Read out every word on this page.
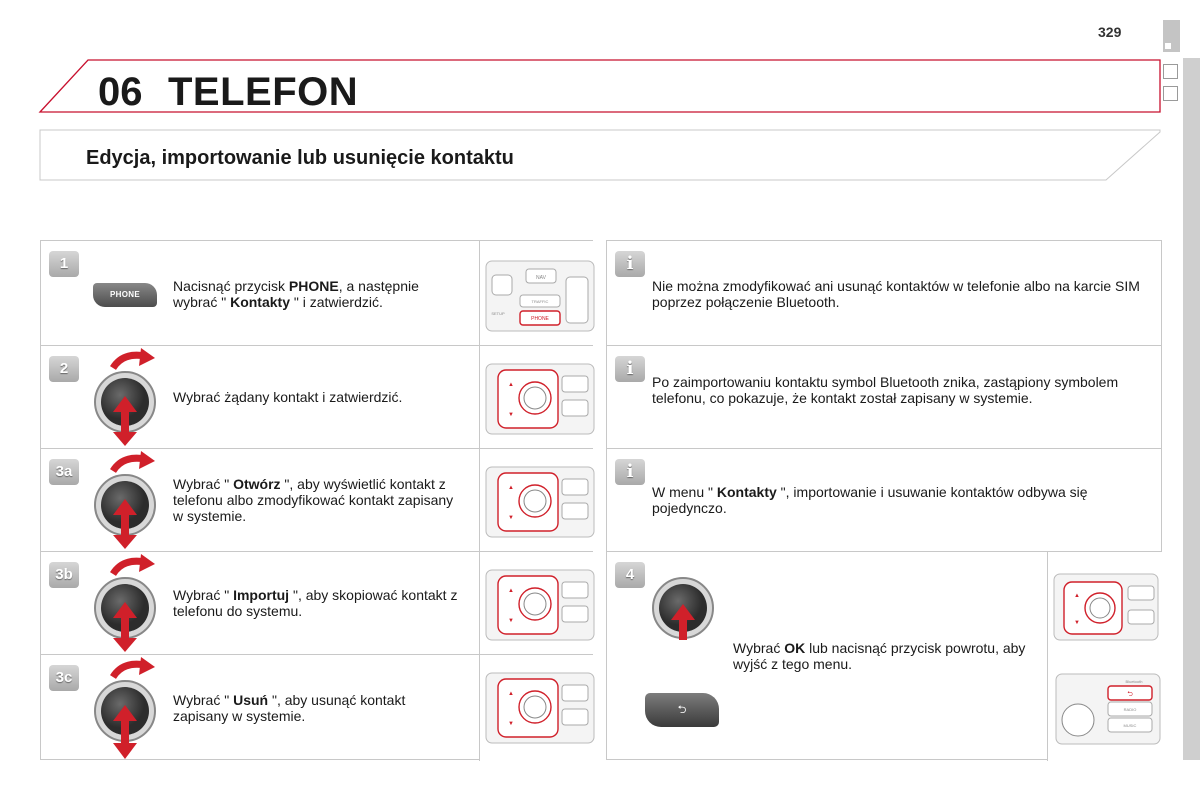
329
06 TELEFON
Edycja, importowanie lub usunięcie kontaktu
1
PHONE
Nacisnąć przycisk PHONE, a następnie wybrać " Kontakty " i zatwierdzić.
NAV
TRAFFIC
PHONE
SETUP
2
Wybrać żądany kontakt i zatwierdzić.
▲
▼
3a
Wybrać " Otwórz ", aby wyświetlić kontakt z telefonu albo zmodyfikować kontakt zapisany w systemie.
▲
▼
3b
Wybrać " Importuj ", aby skopiować kontakt z telefonu do systemu.
▲
▼
3c
Wybrać " Usuń ", aby usunąć kontakt zapisany w systemie.
▲
▼
i
Nie można zmodyfikować ani usunąć kontaktów w telefonie albo na karcie SIM poprzez połączenie Bluetooth.
i
Po zaimportowaniu kontaktu symbol Bluetooth znika, zastąpiony symbolem telefonu, co pokazuje, że kontakt został zapisany w systemie.
i
W menu " Kontakty ", importowanie i usuwanie kontaktów odbywa się pojedynczo.
4
⮌
Wybrać OK lub nacisnąć przycisk powrotu, aby wyjść z tego menu.
▲
▼
Bluetooth
⮌
RADIO
MUSIC
